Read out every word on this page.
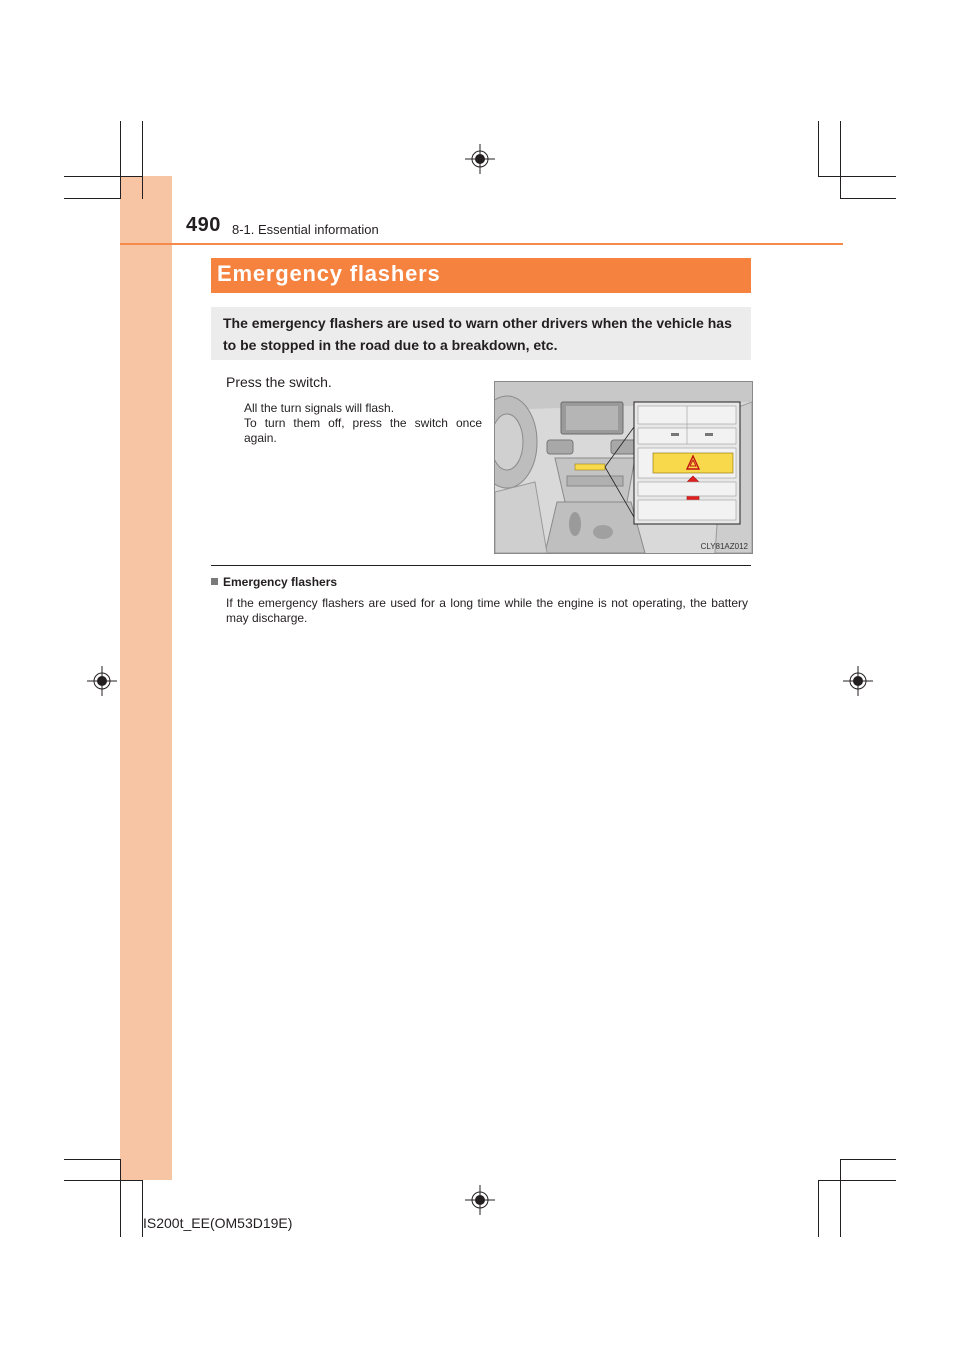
490 8-1. Essential information
Emergency flashers
The emergency flashers are used to warn other drivers when the vehicle has to be stopped in the road due to a breakdown, etc.
Press the switch.
All the turn signals will flash.
To turn them off, press the switch once again.
CLY81AZ012
Emergency flashers
If the emergency flashers are used for a long time while the engine is not operating, the battery may discharge.
IS200t_EE(OM53D19E)
